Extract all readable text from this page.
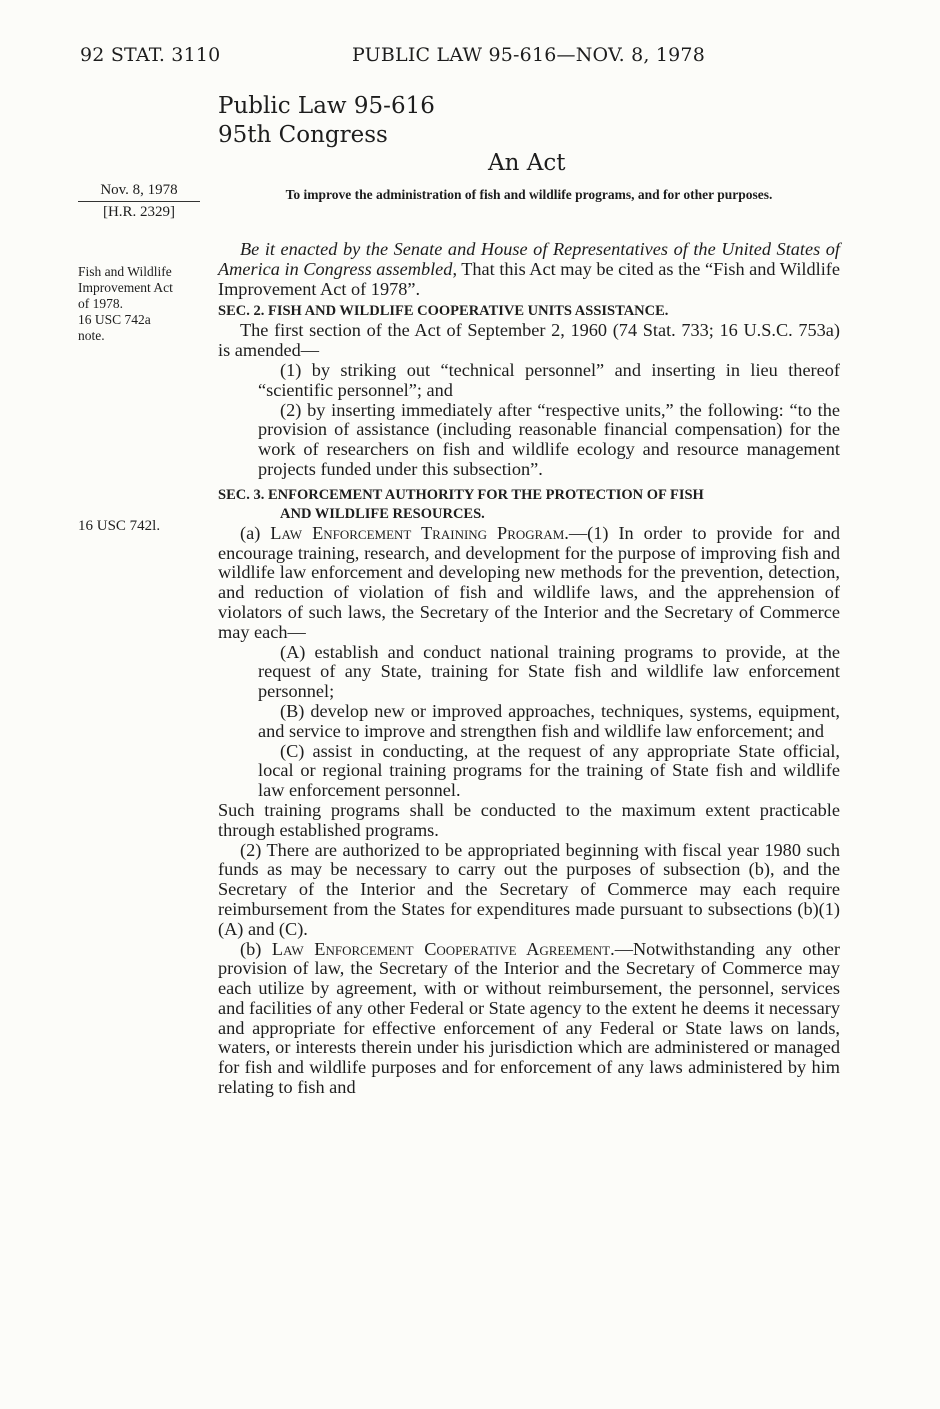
92 STAT. 3110	PUBLIC LAW 95-616—NOV. 8, 1978
Public Law 95-616
95th Congress
An Act
Nov. 8, 1978
[H.R. 2329]
Fish and Wildlife
Improvement Act
of 1978.
16 USC 742a
note.
16 USC 742l.
To improve the administration of fish and wildlife programs, and for other purposes.

Be it enacted by the Senate and House of Representatives of the United States of America in Congress assembled, That this Act may be cited as the “Fish and Wildlife Improvement Act of 1978”.

SEC. 2. FISH AND WILDLIFE COOPERATIVE UNITS ASSISTANCE.

The first section of the Act of September 2, 1960 (74 Stat. 733; 16 U.S.C. 753a) is amended—

(1) by striking out “technical personnel” and inserting in lieu thereof “scientific personnel”; and

(2) by inserting immediately after “respective units,” the following: “to the provision of assistance (including reasonable financial compensation) for the work of researchers on fish and wildlife ecology and resource management projects funded under this subsection”.

SEC. 3. ENFORCEMENT AUTHORITY FOR THE PROTECTION OF FISH

AND WILDLIFE RESOURCES.

(a) Law Enforcement Training Program.—(1) In order to provide for and encourage training, research, and development for the purpose of improving fish and wildlife law enforcement and developing new methods for the prevention, detection, and reduction of violation of fish and wildlife laws, and the apprehension of violators of such laws, the Secretary of the Interior and the Secretary of Commerce may each—

(A) establish and conduct national training programs to provide, at the request of any State, training for State fish and wildlife law enforcement personnel;

(B) develop new or improved approaches, techniques, systems, equipment, and service to improve and strengthen fish and wildlife law enforcement; and

(C) assist in conducting, at the request of any appropriate State official, local or regional training programs for the training of State fish and wildlife law enforcement personnel.

Such training programs shall be conducted to the maximum extent practicable through established programs.

(2) There are authorized to be appropriated beginning with fiscal year 1980 such funds as may be necessary to carry out the purposes of subsection (b), and the Secretary of the Interior and the Secretary of Commerce may each require reimbursement from the States for expenditures made pursuant to subsections (b)(1) (A) and (C).

(b) Law Enforcement Cooperative Agreement.—Notwithstanding any other provision of law, the Secretary of the Interior and the Secretary of Commerce may each utilize by agreement, with or without reimbursement, the personnel, services and facilities of any other Federal or State agency to the extent he deems it necessary and appropriate for effective enforcement of any Federal or State laws on lands, waters, or interests therein under his jurisdiction which are administered or managed for fish and wildlife purposes and for enforcement of any laws administered by him relating to fish and
